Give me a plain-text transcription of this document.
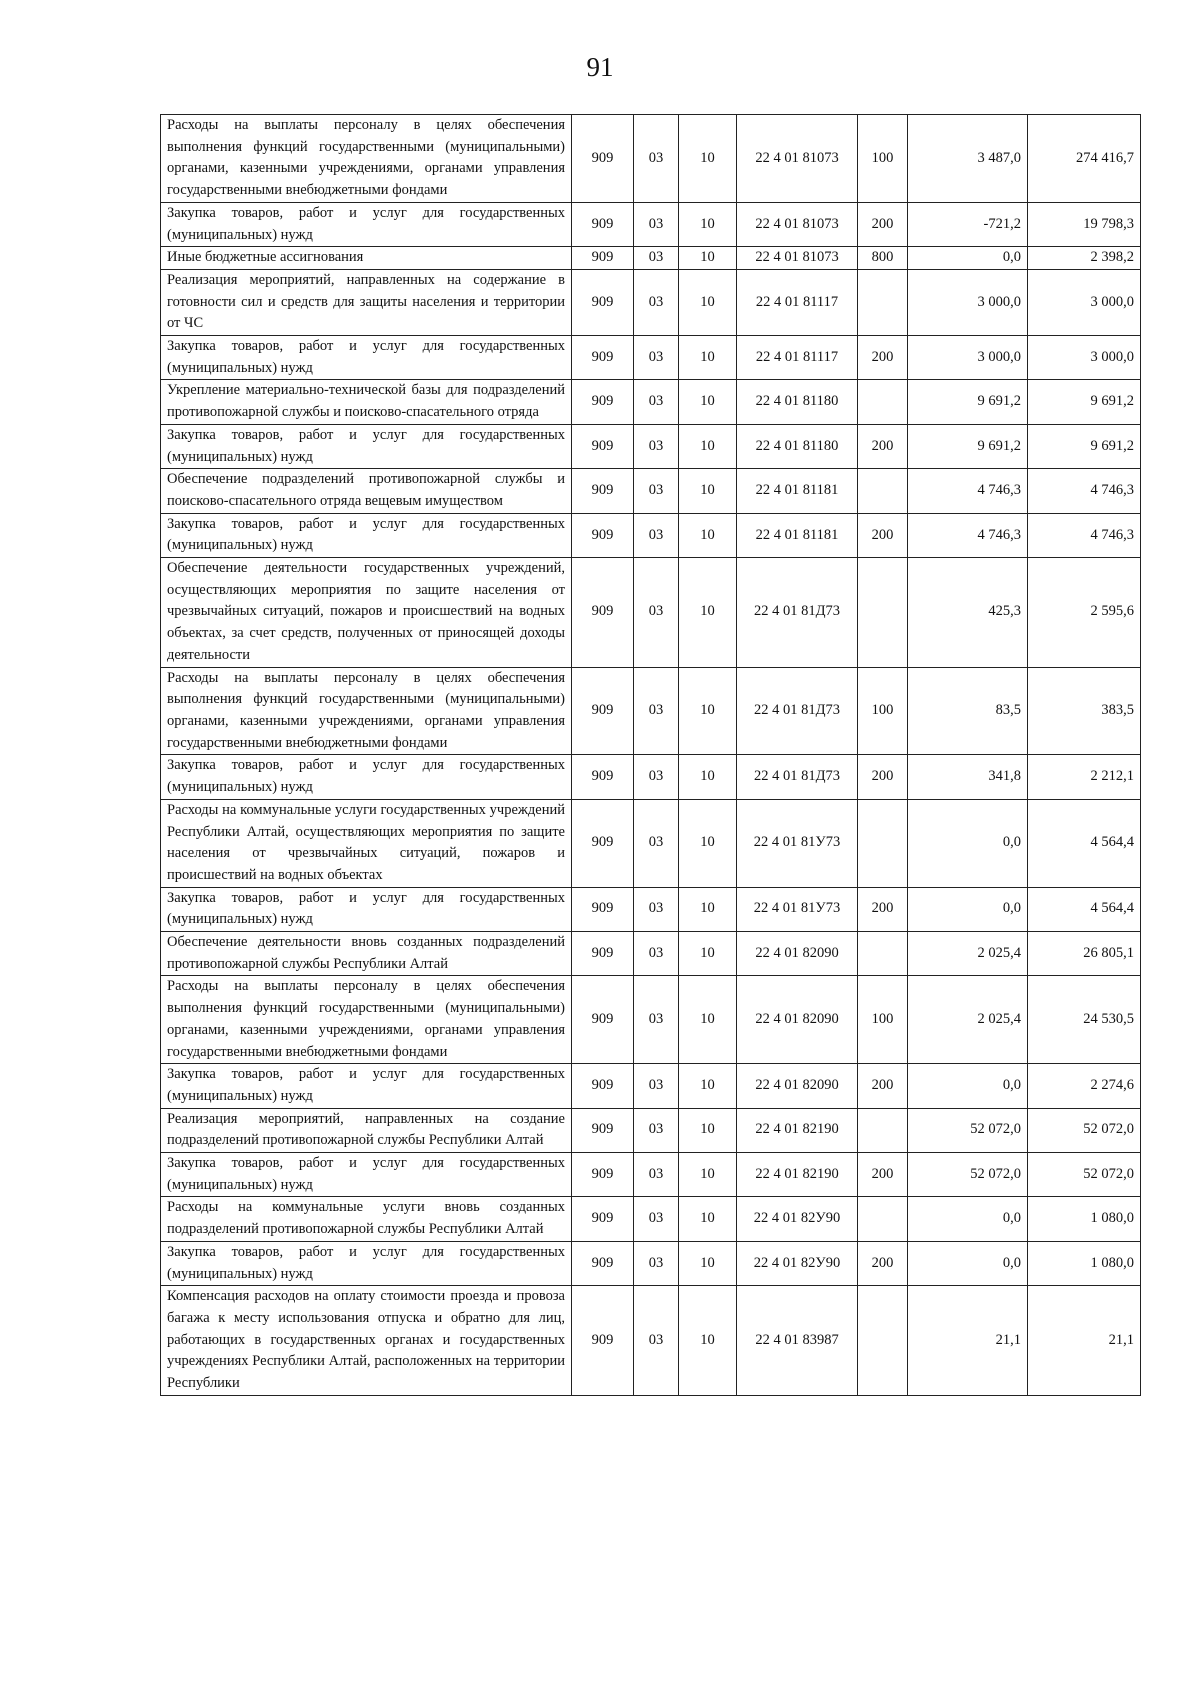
91
Расходы на выплаты персоналу в целях обеспечения выполнения функций государственными (муниципальными) органами, казенными учреждениями, органами управления государственными внебюджетными фондами	909	03	10	22 4 01 81073	100	3 487,0	274 416,7
Закупка товаров, работ и услуг для государственных (муниципальных) нужд	909	03	10	22 4 01 81073	200	-721,2	19 798,3
Иные бюджетные ассигнования	909	03	10	22 4 01 81073	800	0,0	2 398,2
Реализация мероприятий, направленных на содержание в готовности сил и средств для защиты населения и территории от ЧС	909	03	10	22 4 01 81117		3 000,0	3 000,0
Закупка товаров, работ и услуг для государственных (муниципальных) нужд	909	03	10	22 4 01 81117	200	3 000,0	3 000,0
Укрепление материально-технической базы для подразделений противопожарной службы и поисково-спасательного отряда	909	03	10	22 4 01 81180		9 691,2	9 691,2
Закупка товаров, работ и услуг для государственных (муниципальных) нужд	909	03	10	22 4 01 81180	200	9 691,2	9 691,2
Обеспечение подразделений противопожарной службы и поисково-спасательного отряда вещевым имуществом	909	03	10	22 4 01 81181		4 746,3	4 746,3
Закупка товаров, работ и услуг для государственных (муниципальных) нужд	909	03	10	22 4 01 81181	200	4 746,3	4 746,3
Обеспечение деятельности государственных учреждений, осуществляющих мероприятия по защите населения от чрезвычайных ситуаций, пожаров и происшествий на водных объектах, за счет средств, полученных от приносящей доходы деятельности	909	03	10	22 4 01 81Д73		425,3	2 595,6
Расходы на выплаты персоналу в целях обеспечения выполнения функций государственными (муниципальными) органами, казенными учреждениями, органами управления государственными внебюджетными фондами	909	03	10	22 4 01 81Д73	100	83,5	383,5
Закупка товаров, работ и услуг для государственных (муниципальных) нужд	909	03	10	22 4 01 81Д73	200	341,8	2 212,1
Расходы на коммунальные услуги государственных учреждений Республики Алтай, осуществляющих мероприятия по защите населения от чрезвычайных ситуаций, пожаров и происшествий на водных объектах	909	03	10	22 4 01 81У73		0,0	4 564,4
Закупка товаров, работ и услуг для государственных (муниципальных) нужд	909	03	10	22 4 01 81У73	200	0,0	4 564,4
Обеспечение деятельности вновь созданных подразделений противопожарной службы Республики Алтай	909	03	10	22 4 01 82090		2 025,4	26 805,1
Расходы на выплаты персоналу в целях обеспечения выполнения функций государственными (муниципальными) органами, казенными учреждениями, органами управления государственными внебюджетными фондами	909	03	10	22 4 01 82090	100	2 025,4	24 530,5
Закупка товаров, работ и услуг для государственных (муниципальных) нужд	909	03	10	22 4 01 82090	200	0,0	2 274,6
Реализация мероприятий, направленных на создание подразделений противопожарной службы Республики Алтай	909	03	10	22 4 01 82190		52 072,0	52 072,0
Закупка товаров, работ и услуг для государственных (муниципальных) нужд	909	03	10	22 4 01 82190	200	52 072,0	52 072,0
Расходы на коммунальные услуги вновь созданных подразделений противопожарной службы Республики Алтай	909	03	10	22 4 01 82У90		0,0	1 080,0
Закупка товаров, работ и услуг для государственных (муниципальных) нужд	909	03	10	22 4 01 82У90	200	0,0	1 080,0
Компенсация расходов на оплату стоимости проезда и провоза багажа к месту использования отпуска и обратно для лиц, работающих в государственных органах и государственных учреждениях Республики Алтай, расположенных на территории Республики	909	03	10	22 4 01 83987		21,1	21,1
